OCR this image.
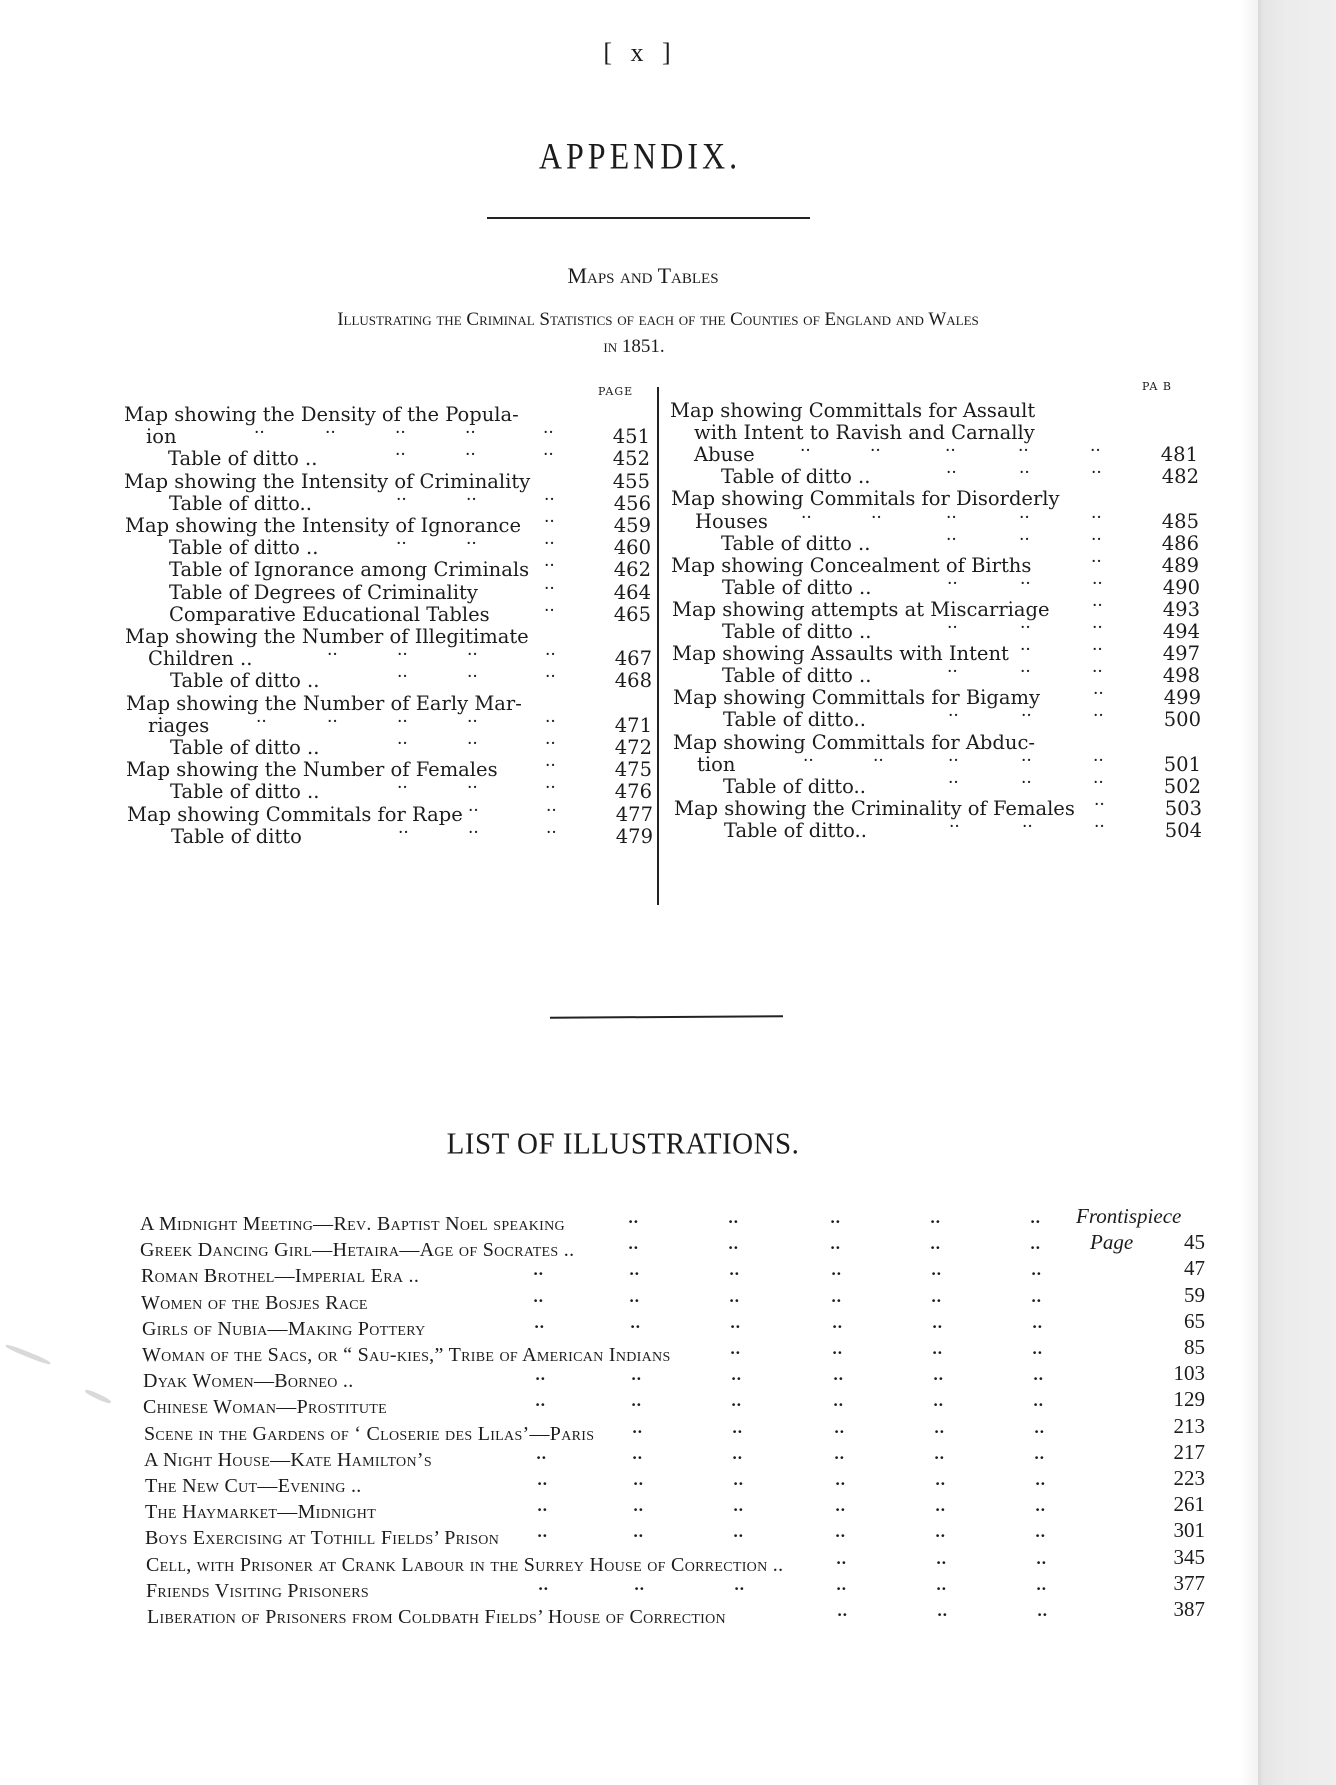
[ x ]
APPENDIX.
Maps and Tables
Illustrating the Criminal Statistics of each of the Counties of England and Wales
in 1851.
PAGE	PA B
Map showing the Density of the Popula-
ion	451
··	··	··	··	··
Table of ditto ..	452
··	··	··
Map showing the Intensity of Criminality	455
Table of ditto..	456
··	··	··
Map showing the Intensity of Ignorance	459
··
Table of ditto ..	460
··	··	··
Table of Ignorance among Criminals	462
··
Table of Degrees of Criminality	464
··
Comparative Educational Tables	465
··
Map showing the Number of Illegitimate
Children ..	467
··	··	··	··
Table of ditto ..	468
··	··	··
Map showing the Number of Early Mar-
riages	471
··	··	··	··	··
Table of ditto ..	472
··	··	··
Map showing the Number of Females	475
··
Table of ditto ..	476
··	··	··
Map showing Commitals for Rape	477
··	··
Table of ditto	479
··	··	··
Map showing Committals for Assault
with Intent to Ravish and Carnally
Abuse	481
··	··	··	··	··
Table of ditto ..	482
··	··	··
Map showing Commitals for Disorderly
Houses	485
··	··	··	··	··
Table of ditto ..	486
··	··	··
Map showing Concealment of Births	489
··
Table of ditto ..	490
··	··	··
Map showing attempts at Miscarriage	493
··
Table of ditto ..	494
··	··	··
Map showing Assaults with Intent	497
··	··
Table of ditto ..	498
··	··	··
Map showing Committals for Bigamy	499
··
Table of ditto..	500
··	··	··
Map showing Committals for Abduc-
tion	501
··	··	··	··	··
Table of ditto..	502
··	··	··
Map showing the Criminality of Females	503
··
Table of ditto..	504
··	··	··
LIST OF ILLUSTRATIONS.
A Midnight Meeting—Rev. Baptist Noel speaking	··	··	··	··	·· Frontispiece
Greek Dancing Girl—Hetaira—Age of Socrates ..	··	··	··	··	·· Page	45
Roman Brothel—Imperial Era ..	··	··	··	··	··	··	47
Women of the Bosjes Race	··	··	··	··	··	··	59
Girls of Nubia—Making Pottery	··	··	··	··	··	··	65
Woman of the Sacs, or “ Sau-kies,” Tribe of American Indians	··	··	··	··	85
Dyak Women—Borneo ..	··	··	··	··	··	··	103
Chinese Woman—Prostitute	··	··	··	··	··	··	129
Scene in the Gardens of ‘ Closerie des Lilas’—Paris	··	··	··	··	··	213
A Night House—Kate Hamilton’s	··	··	··	··	··	··	217
The New Cut—Evening ..	··	··	··	··	··	··	223
The Haymarket—Midnight	··	··	··	··	··	··	261
Boys Exercising at Tothill Fields’ Prison	··	··	··	··	··	··	301
Cell, with Prisoner at Crank Labour in the Surrey House of Correction ..	··	··	··	345
Friends Visiting Prisoners	··	··	··	··	··	··	377
Liberation of Prisoners from Coldbath Fields’ House of Correction	··	··	··	387
